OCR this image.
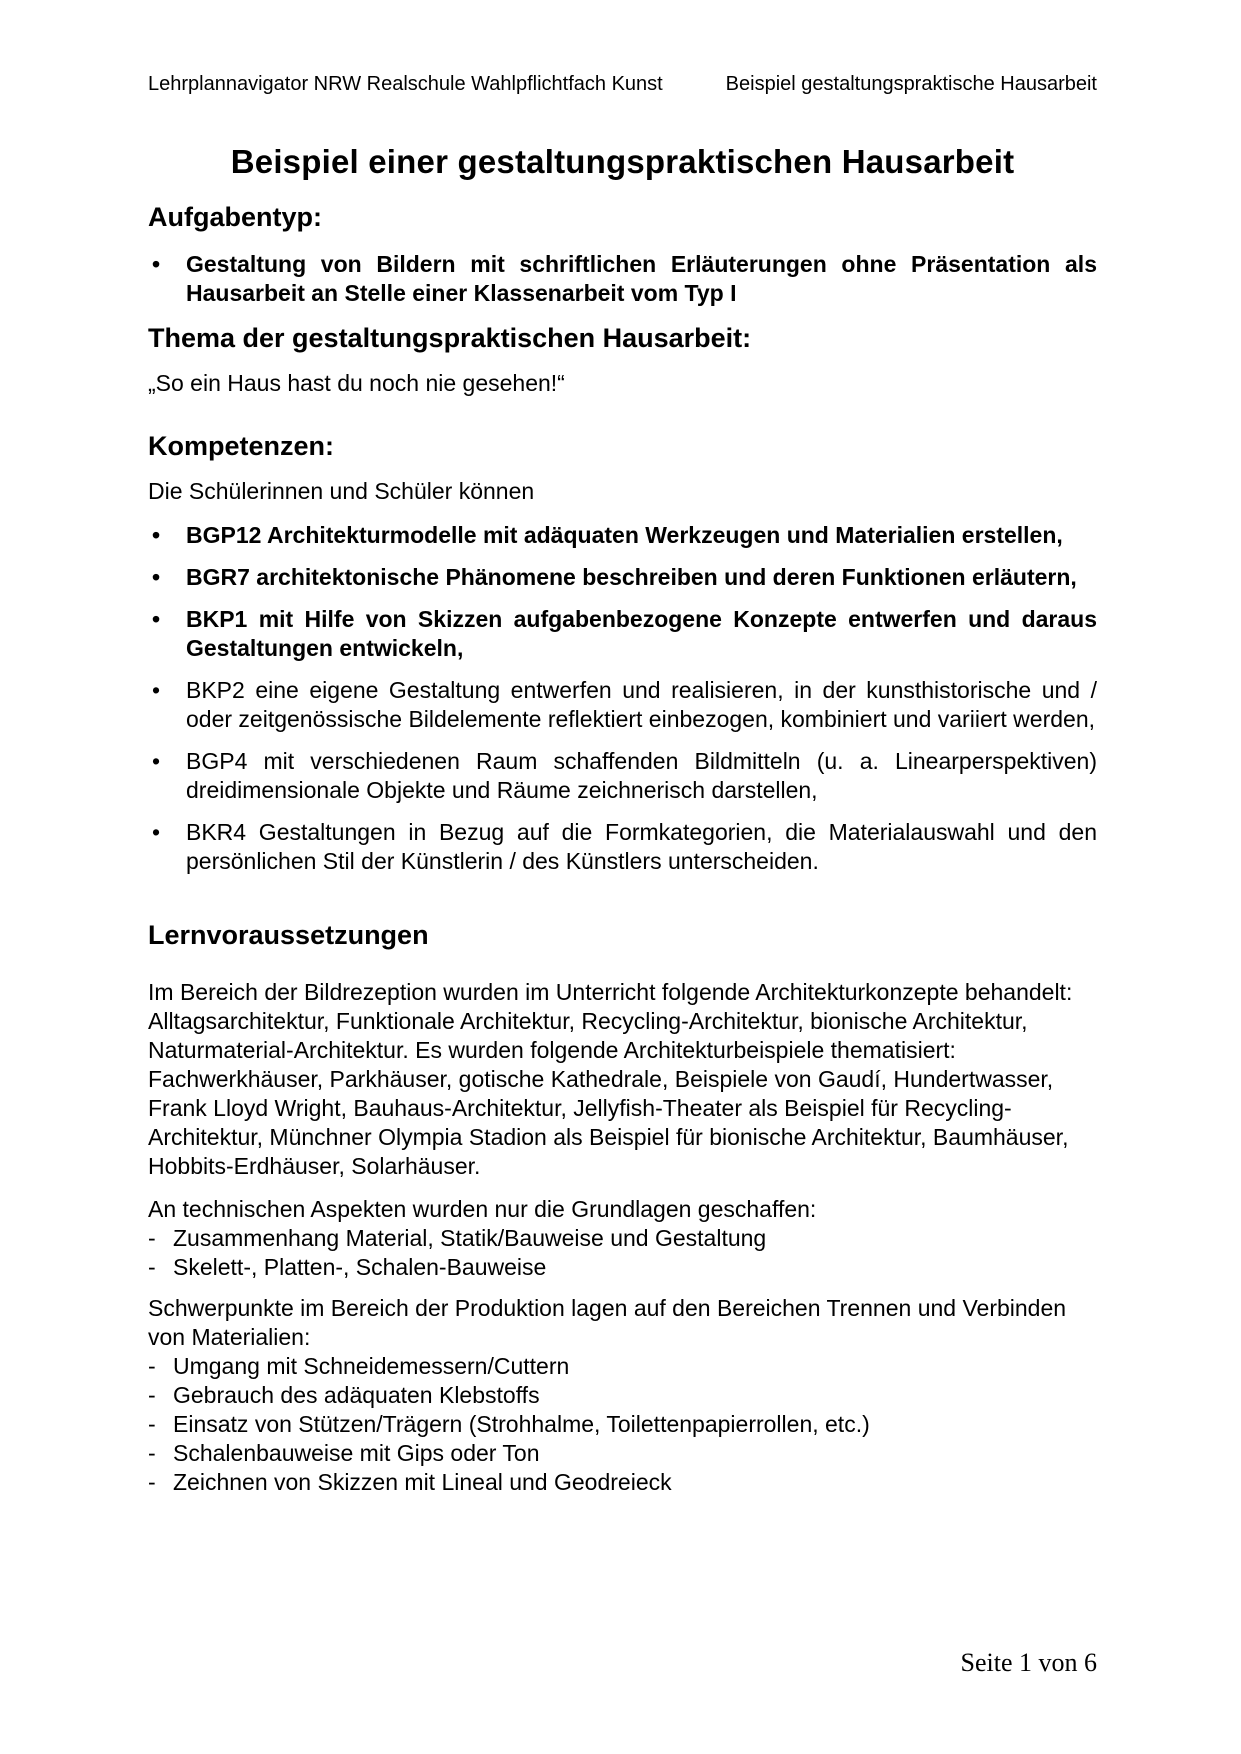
Lehrplannavigator NRW Realschule Wahlpflichtfach Kunst	Beispiel gestaltungspraktische Hausarbeit
Beispiel einer gestaltungspraktischen Hausarbeit
Aufgabentyp:
• Gestaltung von Bildern mit schriftlichen Erläuterungen ohne Präsentation als Hausarbeit an Stelle einer Klassenarbeit vom Typ I
Thema der gestaltungspraktischen Hausarbeit:

„So ein Haus hast du noch nie gesehen!“

Kompetenzen:

Die Schülerinnen und Schüler können

• BGP12 Architekturmodelle mit adäquaten Werkzeugen und Materialien erstellen,
• BGR7 architektonische Phänomene beschreiben und deren Funktionen erläutern,
• BKP1 mit Hilfe von Skizzen aufgabenbezogene Konzepte entwerfen und daraus Gestaltungen entwickeln,
• BKP2 eine eigene Gestaltung entwerfen und realisieren, in der kunsthistorische und / oder zeitgenössische Bildelemente reflektiert einbezogen, kombiniert und variiert werden,
• BGP4 mit verschiedenen Raum schaffenden Bildmitteln (u. a. Linearperspektiven) dreidimensionale Objekte und Räume zeichnerisch darstellen,
• BKR4 Gestaltungen in Bezug auf die Formkategorien, die Materialauswahl und den persönlichen Stil der Künstlerin / des Künstlers unterscheiden.
Lernvoraussetzungen

Im Bereich der Bildrezeption wurden im Unterricht folgende Architekturkonzepte behandelt: Alltagsarchitektur, Funktionale Architektur, Recycling-Architektur, bionische Architektur, Naturmaterial-Architektur. Es wurden folgende Architekturbeispiele thematisiert: Fachwerkhäuser, Parkhäuser, gotische Kathedrale, Beispiele von Gaudí, Hundertwasser, Frank Lloyd Wright, Bauhaus-Architektur, Jellyfish-Theater als Beispiel für Recycling-Architektur, Münchner Olympia Stadion als Beispiel für bionische Architektur, Baumhäuser, Hobbits-Erdhäuser, Solarhäuser.

An technischen Aspekten wurden nur die Grundlagen geschaffen:

- Zusammenhang Material, Statik/Bauweise und Gestaltung
- Skelett-, Platten-, Schalen-Bauweise

Schwerpunkte im Bereich der Produktion lagen auf den Bereichen Trennen und Verbinden von Materialien:

- Umgang mit Schneidemessern/Cuttern
- Gebrauch des adäquaten Klebstoffs
- Einsatz von Stützen/Trägern (Strohhalme, Toilettenpapierrollen, etc.)
- Schalenbauweise mit Gips oder Ton
- Zeichnen von Skizzen mit Lineal und Geodreieck
Seite 1 von 6
